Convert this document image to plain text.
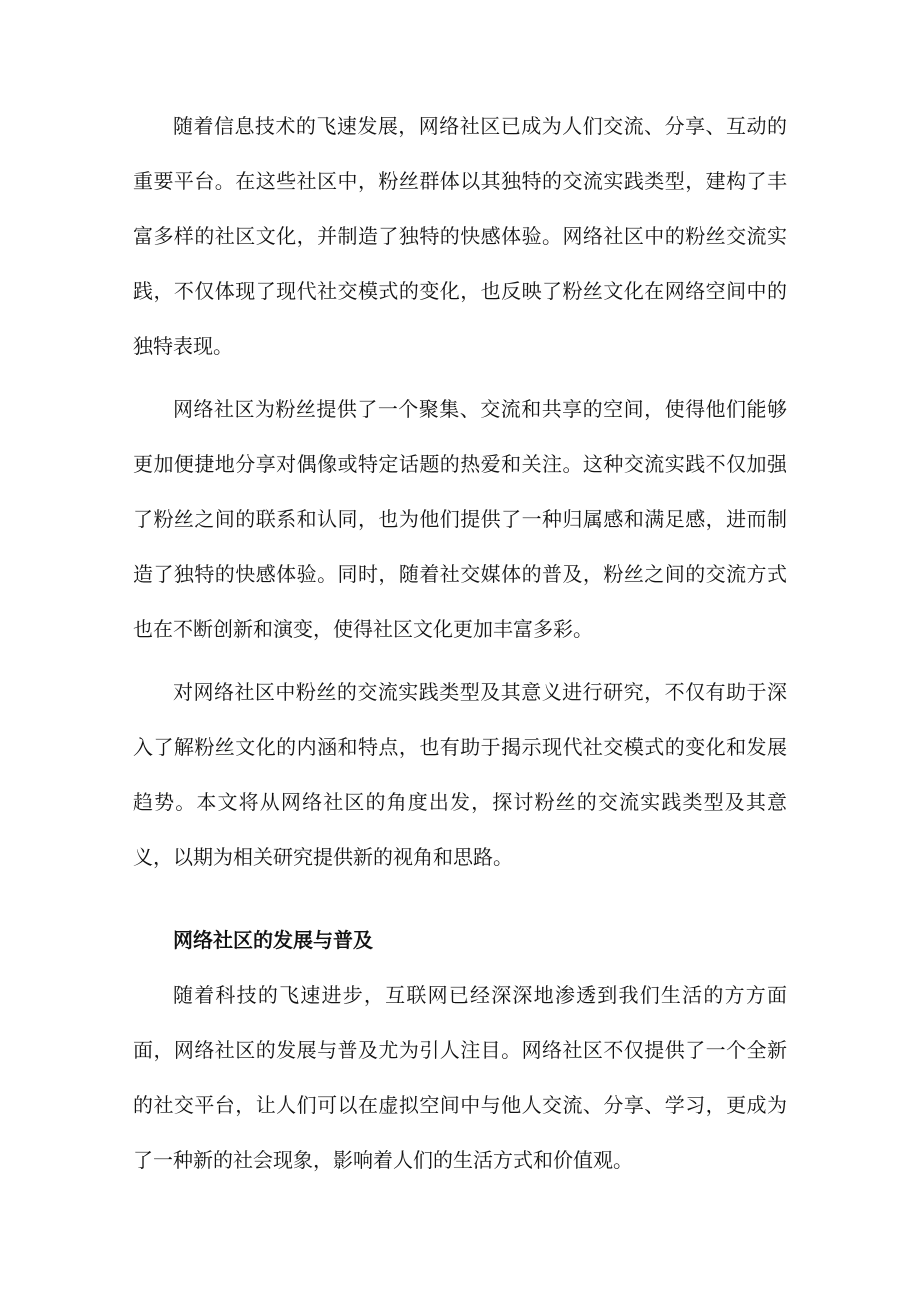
随着信息技术的飞速发展，网络社区已成为人们交流、分享、互动的重要平台。在这些社区中，粉丝群体以其独特的交流实践类型，建构了丰富多样的社区文化，并制造了独特的快感体验。网络社区中的粉丝交流实践，不仅体现了现代社交模式的变化，也反映了粉丝文化在网络空间中的独特表现。

网络社区为粉丝提供了一个聚集、交流和共享的空间，使得他们能够更加便捷地分享对偶像或特定话题的热爱和关注。这种交流实践不仅加强了粉丝之间的联系和认同，也为他们提供了一种归属感和满足感，进而制造了独特的快感体验。同时，随着社交媒体的普及，粉丝之间的交流方式也在不断创新和演变，使得社区文化更加丰富多彩。

对网络社区中粉丝的交流实践类型及其意义进行研究，不仅有助于深入了解粉丝文化的内涵和特点，也有助于揭示现代社交模式的变化和发展趋势。本文将从网络社区的角度出发，探讨粉丝的交流实践类型及其意义，以期为相关研究提供新的视角和思路。

网络社区的发展与普及

随着科技的飞速进步，互联网已经深深地渗透到我们生活的方方面面，网络社区的发展与普及尤为引人注目。网络社区不仅提供了一个全新的社交平台，让人们可以在虚拟空间中与他人交流、分享、学习，更成为了一种新的社会现象，影响着人们的生活方式和价值观。
